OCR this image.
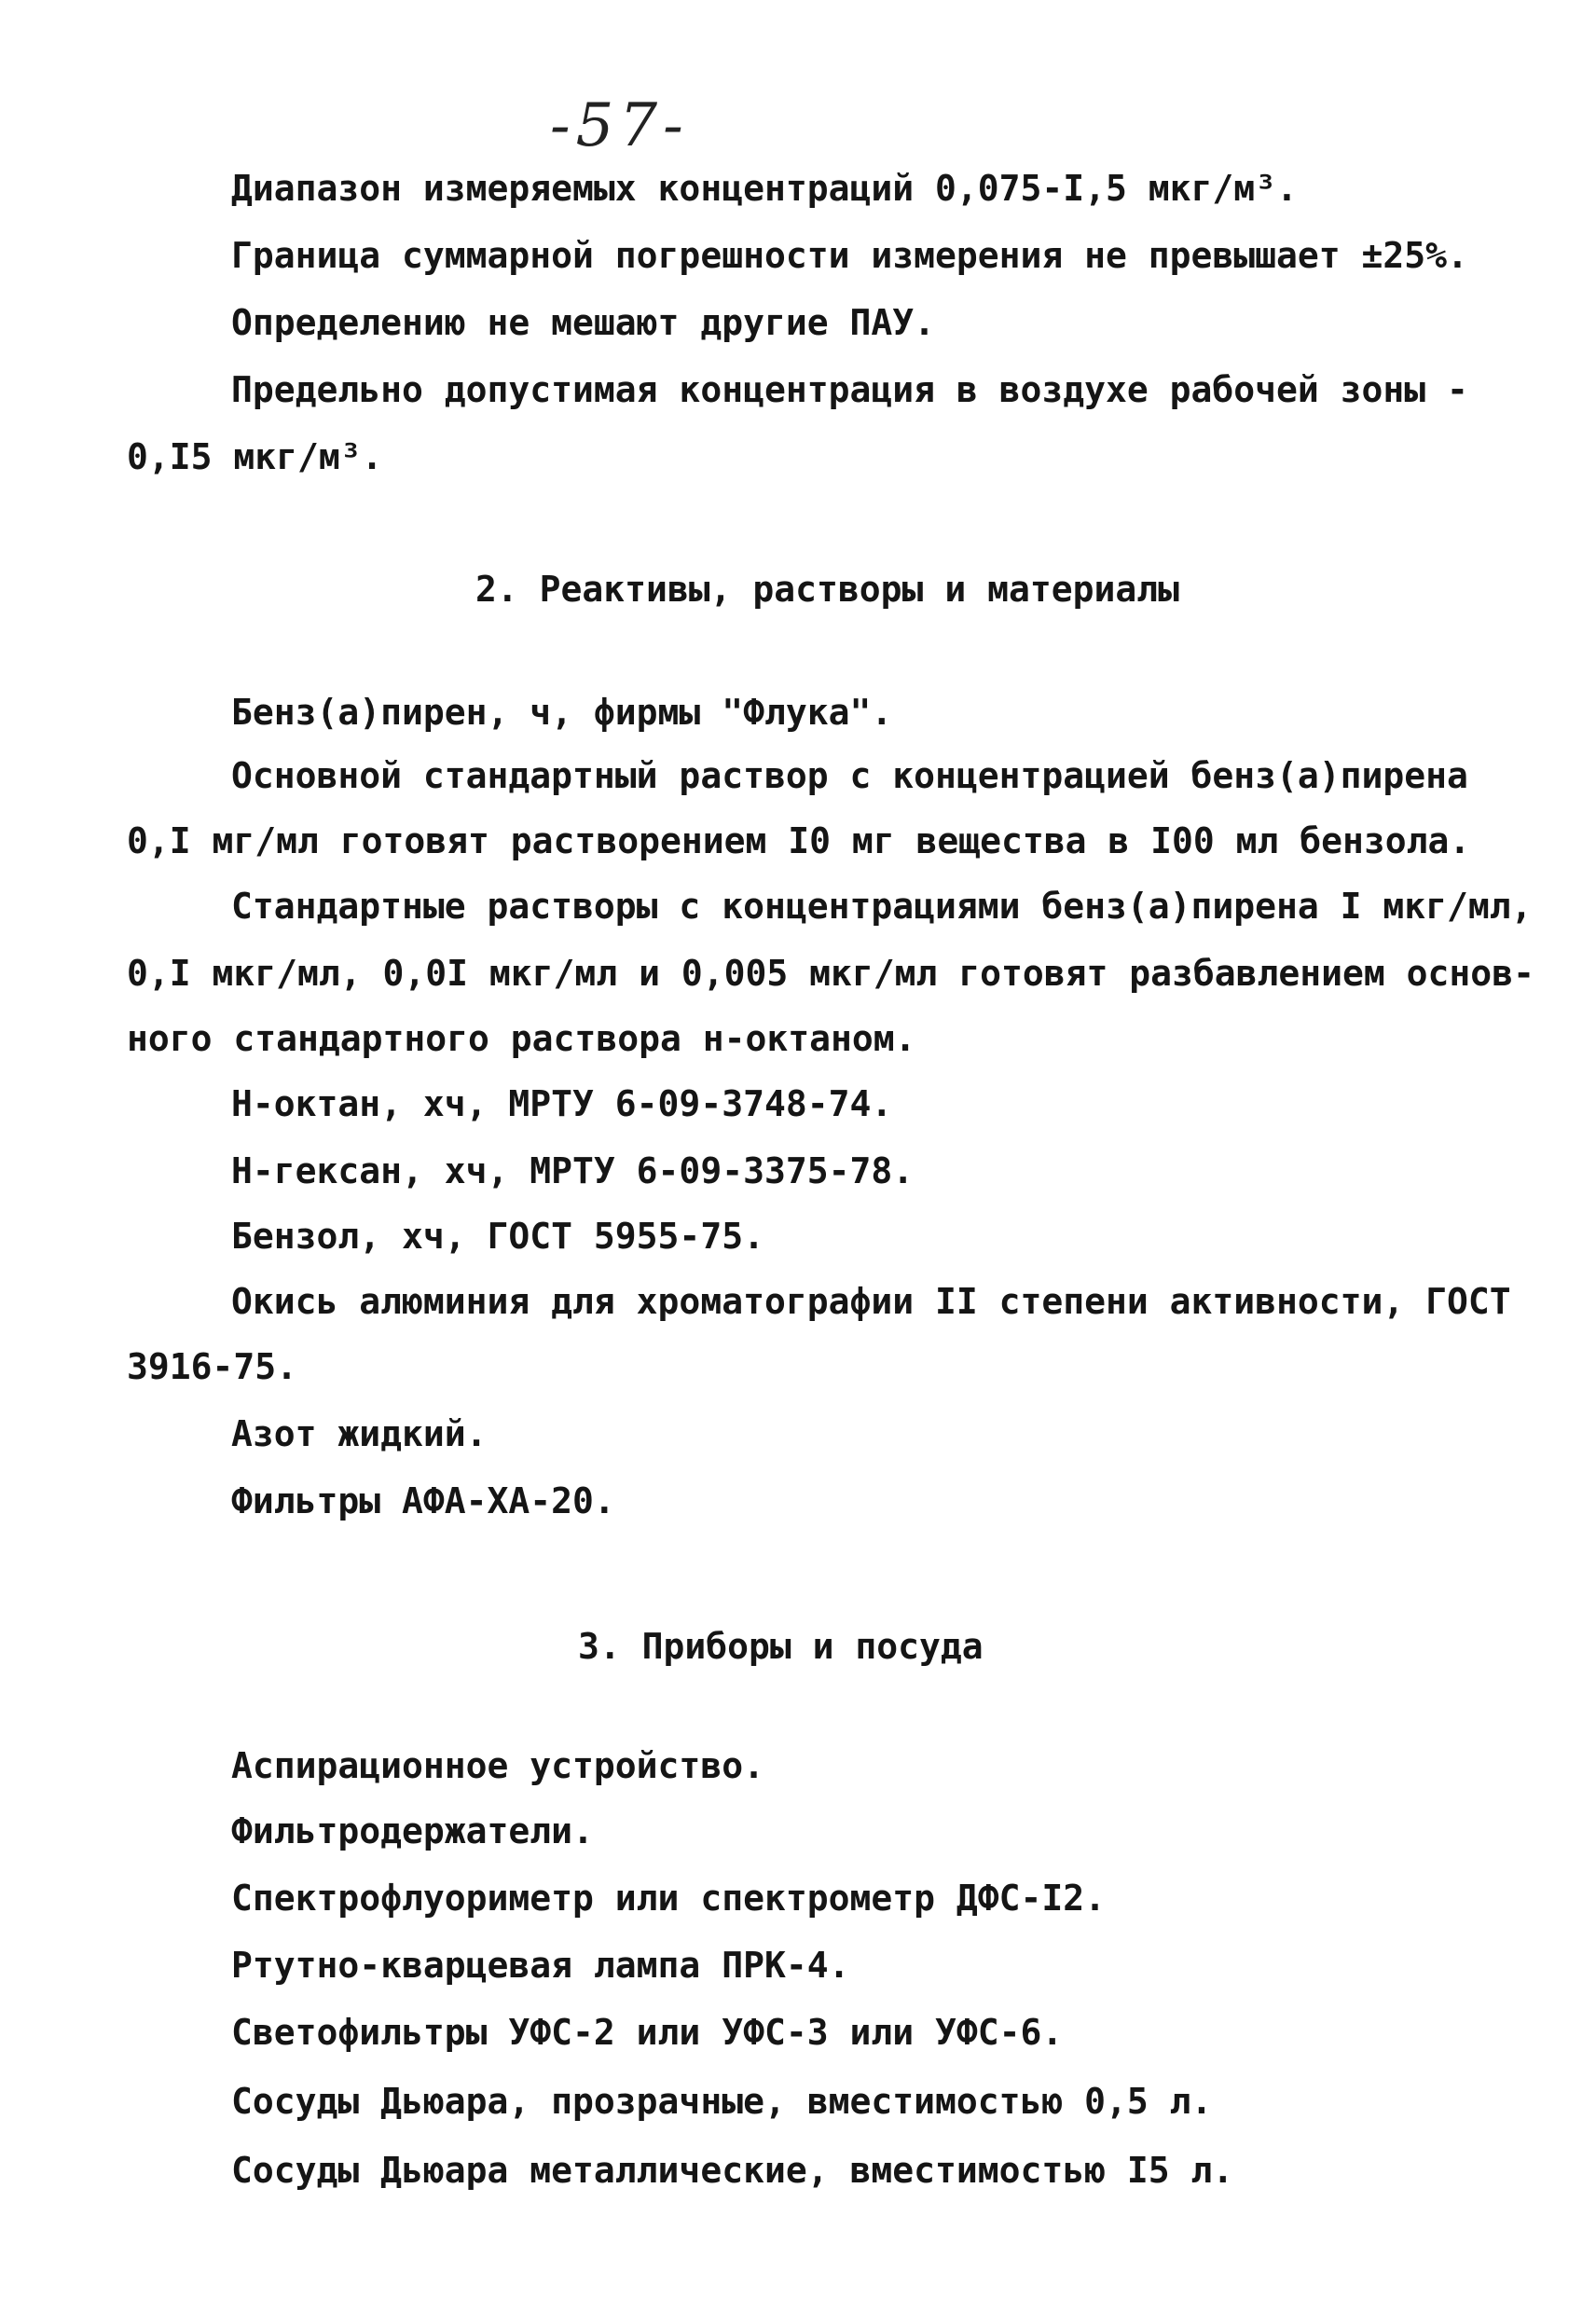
-57-
Диапазон измеряемых концентраций 0,075-I,5 мкг/м³.
Граница суммарной погрешности измерения не превышает ±25%.
Определению не мешают другие ПАУ.
Предельно допустимая концентрация в воздухе рабочей зоны -
0,I5 мкг/м³.
2. Реактивы, растворы и материалы
Бенз(а)пирен, ч, фирмы "Флука".
Основной стандартный раствор с концентрацией бенз(а)пирена
0,I мг/мл готовят растворением I0 мг вещества в I00 мл бензола.
Стандартные растворы с концентрациями бенз(а)пирена I мкг/мл,
0,I мкг/мл, 0,0I мкг/мл и 0,005 мкг/мл готовят разбавлением основ-
ного стандартного раствора н-октаном.
Н-октан, хч, МРТУ 6-09-3748-74.
Н-гексан, хч, МРТУ 6-09-3375-78.
Бензол, хч, ГОСТ 5955-75.
Окись алюминия для хроматографии II степени активности, ГОСТ
3916-75.
Азот жидкий.
Фильтры АФА-ХА-20.
3. Приборы и посуда
Аспирационное устройство.
Фильтродержатели.
Спектрофлуориметр или спектрометр ДФС-I2.
Ртутно-кварцевая лампа ПРК-4.
Светофильтры УФС-2 или УФС-3 или УФС-6.
Сосуды Дьюара, прозрачные, вместимостью 0,5 л.
Сосуды Дьюара металлические, вместимостью I5 л.
